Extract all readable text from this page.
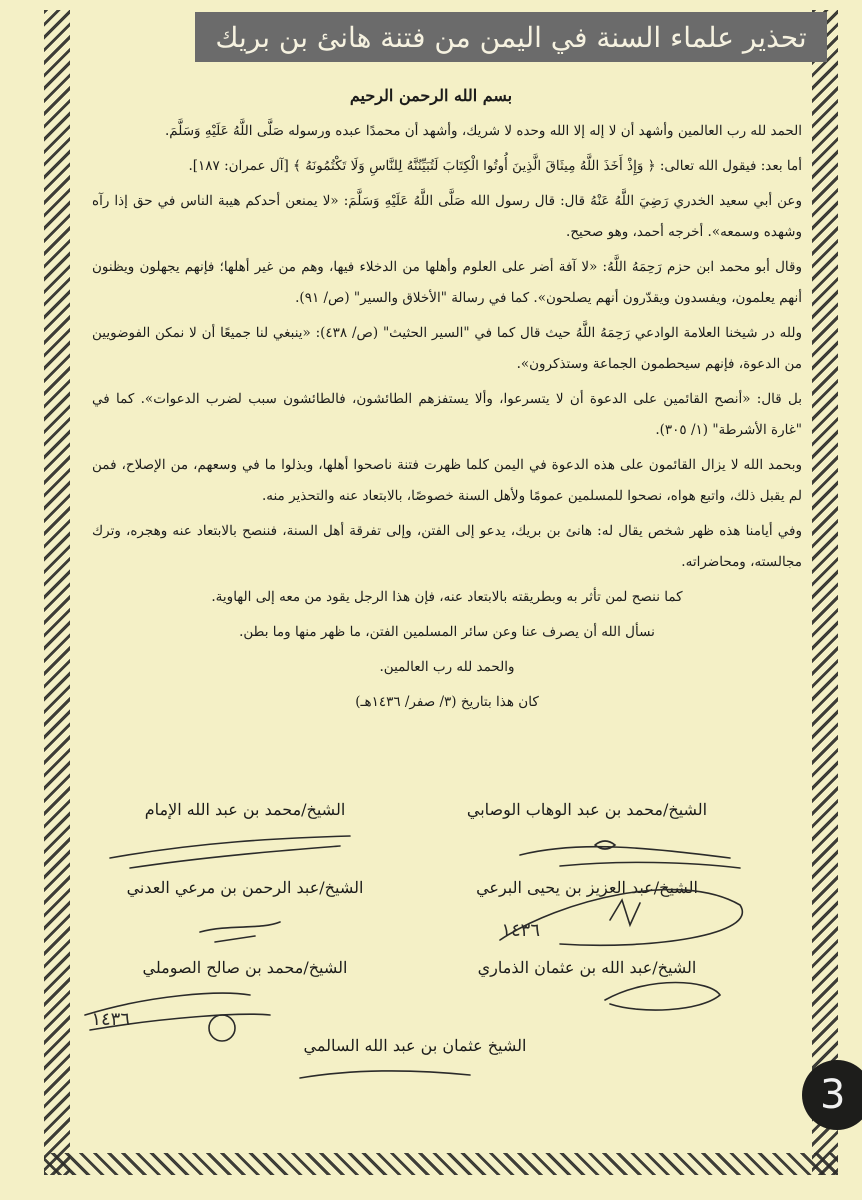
تحذير علماء السنة في اليمن من فتنة هانئ بن بريك
بسم الله الرحمن الرحيم

الحمد لله رب العالمين وأشهد أن لا إله إلا الله وحده لا شريك، وأشهد أن محمدًا عبده ورسوله صَلَّى اللَّهُ عَلَيْهِ وَسَلَّمَ.

أما بعد: فيقول الله تعالى: ﴿ وَإِذْ أَخَذَ اللَّهُ مِيثَاقَ الَّذِينَ أُوتُوا الْكِتَابَ لَتُبَيِّنُنَّهُ لِلنَّاسِ وَلَا تَكْتُمُونَهُ ﴾ [آل عمران: ١٨٧].

وعن أبي سعيد الخدري رَضِيَ اللَّهُ عَنْهُ قال: قال رسول الله صَلَّى اللَّهُ عَلَيْهِ وَسَلَّمَ: «لا يمنعن أحدكم هيبة الناس في حق إذا رآه وشهده وسمعه». أخرجه أحمد، وهو صحيح.

وقال أبو محمد ابن حزم رَحِمَهُ اللَّهُ: «لا آفة أضر على العلوم وأهلها من الدخلاء فيها، وهم من غير أهلها؛ فإنهم يجهلون ويظنون أنهم يعلمون، ويفسدون ويقدّرون أنهم يصلحون». كما في رسالة "الأخلاق والسير" (ص/ ٩١).

ولله در شيخنا العلامة الوادعي رَحِمَهُ اللَّهُ حيث قال كما في "السير الحثيث" (ص/ ٤٣٨): «ينبغي لنا جميعًا أن لا نمكن الفوضويين من الدعوة، فإنهم سيحطمون الجماعة وستذكرون».

بل قال: «أنصح القائمين على الدعوة أن لا يتسرعوا، وألا يستفزهم الطائشون، فالطائشون سبب لضرب الدعوات». كما في "غارة الأشرطة" (١/ ٣٠٥).

وبحمد الله لا يزال القائمون على هذه الدعوة في اليمن كلما ظهرت فتنة ناصحوا أهلها، وبذلوا ما في وسعهم، من الإصلاح، فمن لم يقبل ذلك، واتبع هواه، نصحوا للمسلمين عمومًا ولأهل السنة خصوصًا، بالابتعاد عنه والتحذير منه.

وفي أيامنا هذه ظهر شخص يقال له: هانئ بن بريك، يدعو إلى الفتن، وإلى تفرقة أهل السنة، فننصح بالابتعاد عنه وهجره، وترك مجالسته، ومحاضراته.

كما ننصح لمن تأثر به وبطريقته بالابتعاد عنه، فإن هذا الرجل يقود من معه إلى الهاوية.

نسأل الله أن يصرف عنا وعن سائر المسلمين الفتن، ما ظهر منها وما بطن.

والحمد لله رب العالمين.

كان هذا بتاريخ (٣/ صفر/ ١٤٣٦هـ)

الشيخ/محمد بن عبد الوهاب الوصابي
الشيخ/محمد بن عبد الله الإمام
الشيخ/عبد العزيز بن يحيى البرعي
الشيخ/عبد الرحمن بن مرعي العدني
الشيخ/عبد الله بن عثمان الذماري
الشيخ/محمد بن صالح الصوملي
الشيخ عثمان بن عبد الله السالمي
١٤٣٦
١٤٣٦
3
